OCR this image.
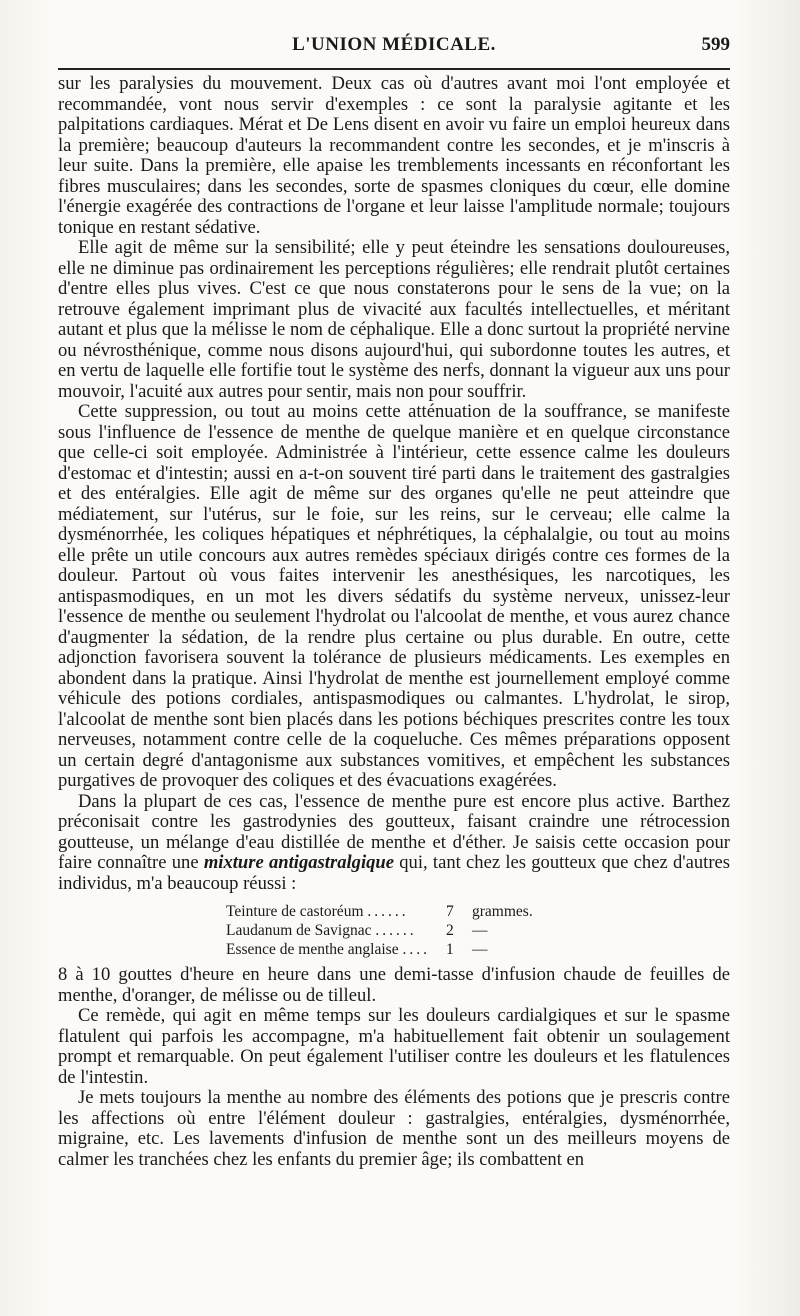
L'UNION MÉDICALE.	599

sur les paralysies du mouvement. Deux cas où d'autres avant moi l'ont employée et recommandée, vont nous servir d'exemples : ce sont la paralysie agitante et les palpitations cardiaques. Mérat et De Lens disent en avoir vu faire un emploi heureux dans la première; beaucoup d'auteurs la recommandent contre les secondes, et je m'inscris à leur suite. Dans la première, elle apaise les tremblements incessants en réconfortant les fibres musculaires; dans les secondes, sorte de spasmes cloniques du cœur, elle domine l'énergie exagérée des contractions de l'organe et leur laisse l'amplitude normale; toujours tonique en restant sédative.

Elle agit de même sur la sensibilité; elle y peut éteindre les sensations douloureuses, elle ne diminue pas ordinairement les perceptions régulières; elle rendrait plutôt certaines d'entre elles plus vives. C'est ce que nous constaterons pour le sens de la vue; on la retrouve également imprimant plus de vivacité aux facultés intellectuelles, et méritant autant et plus que la mélisse le nom de céphalique. Elle a donc surtout la propriété nervine ou névrosthénique, comme nous disons aujourd'hui, qui subordonne toutes les autres, et en vertu de laquelle elle fortifie tout le système des nerfs, donnant la vigueur aux uns pour mouvoir, l'acuité aux autres pour sentir, mais non pour souffrir.

Cette suppression, ou tout au moins cette atténuation de la souffrance, se manifeste sous l'influence de l'essence de menthe de quelque manière et en quelque circonstance que celle-ci soit employée. Administrée à l'intérieur, cette essence calme les douleurs d'estomac et d'intestin; aussi en a-t-on souvent tiré parti dans le traitement des gastralgies et des entéralgies. Elle agit de même sur des organes qu'elle ne peut atteindre que médiatement, sur l'utérus, sur le foie, sur les reins, sur le cerveau; elle calme la dysménorrhée, les coliques hépatiques et néphrétiques, la céphalalgie, ou tout au moins elle prête un utile concours aux autres remèdes spéciaux dirigés contre ces formes de la douleur. Partout où vous faites intervenir les anesthésiques, les narcotiques, les antispasmodiques, en un mot les divers sédatifs du système nerveux, unissez-leur l'essence de menthe ou seulement l'hydrolat ou l'alcoolat de menthe, et vous aurez chance d'augmenter la sédation, de la rendre plus certaine ou plus durable. En outre, cette adjonction favorisera souvent la tolérance de plusieurs médicaments. Les exemples en abondent dans la pratique. Ainsi l'hydrolat de menthe est journellement employé comme véhicule des potions cordiales, antispasmodiques ou calmantes. L'hydrolat, le sirop, l'alcoolat de menthe sont bien placés dans les potions béchiques prescrites contre les toux nerveuses, notamment contre celle de la coqueluche. Ces mêmes préparations opposent un certain degré d'antagonisme aux substances vomitives, et empêchent les substances purgatives de provoquer des coliques et des évacuations exagérées.

Dans la plupart de ces cas, l'essence de menthe pure est encore plus active. Barthez préconisait contre les gastrodynies des goutteux, faisant craindre une rétrocession goutteuse, un mélange d'eau distillée de menthe et d'éther. Je saisis cette occasion pour faire connaître une mixture antigastralgique qui, tant chez les goutteux que chez d'autres individus, m'a beaucoup réussi :

Teinture de castoréum ......	7	grammes.
Laudanum de Savignac ......	2	—
Essence de menthe anglaise ....	1	—

8 à 10 gouttes d'heure en heure dans une demi-tasse d'infusion chaude de feuilles de menthe, d'oranger, de mélisse ou de tilleul.

Ce remède, qui agit en même temps sur les douleurs cardialgiques et sur le spasme flatulent qui parfois les accompagne, m'a habituellement fait obtenir un soulagement prompt et remarquable. On peut également l'utiliser contre les douleurs et les flatulences de l'intestin.

Je mets toujours la menthe au nombre des éléments des potions que je prescris contre les affections où entre l'élément douleur : gastralgies, entéralgies, dysménorrhée, migraine, etc. Les lavements d'infusion de menthe sont un des meilleurs moyens de calmer les tranchées chez les enfants du premier âge; ils combattent en
